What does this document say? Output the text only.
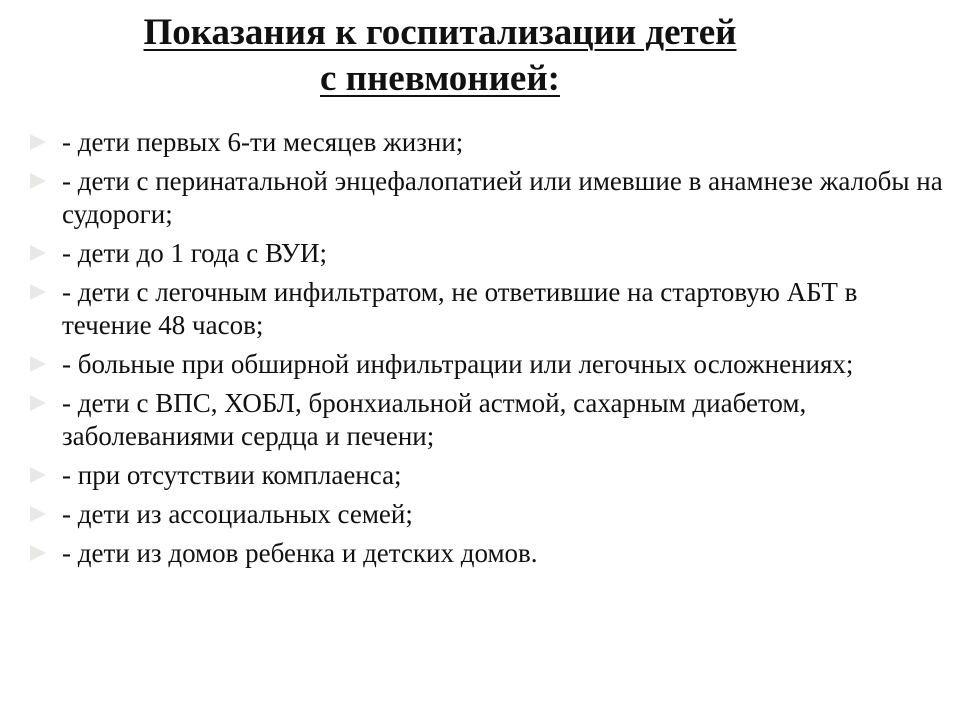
Показания к госпитализации детей
с пневмонией:
- дети первых 6-ти месяцев жизни;
- дети с перинатальной энцефалопатией или имевшие в анамнезе жалобы на судороги;
- дети до 1 года с ВУИ;
- дети с легочным инфильтратом, не ответившие на стартовую АБТ в течение 48 часов;
- больные при обширной инфильтрации или легочных осложнениях;
- дети с ВПС, ХОБЛ, бронхиальной астмой, сахарным диабетом, заболеваниями сердца и печени;
- при отсутствии комплаенса;
- дети из ассоциальных семей;
- дети из домов ребенка и детских домов.
